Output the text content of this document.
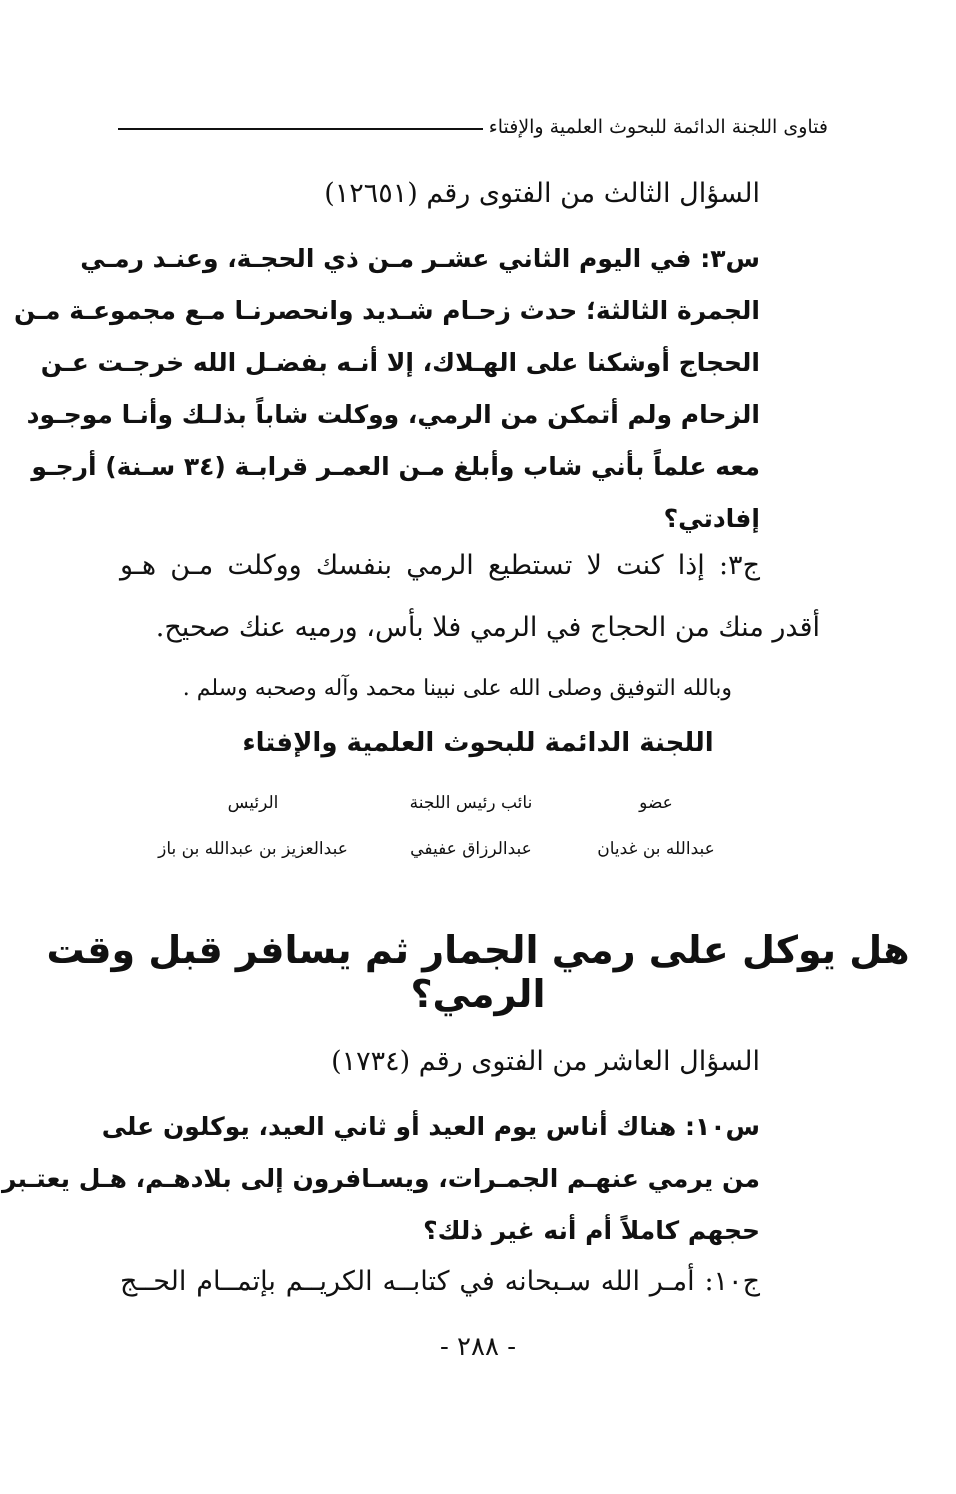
فتاوى اللجنة الدائمة للبحوث العلمية والإفتاء
السؤال الثالث من الفتوى رقم (١٢٦٥١)
س٣: في اليوم الثاني عشـر مـن ذي الحجـة، وعنـد رمـي
الجمرة الثالثة؛ حدث زحـام شـديد وانحصرنـا مـع مجموعـة مـن
الحجاج أوشكنا على الهـلاك، إلا أنـه بفضـل الله خرجـت عـن
الزحام ولم أتمكن من الرمي، ووكلت شاباً بذلـك وأنـا موجـود
معه علماً بأني شاب وأبلغ مـن العمـر قرابـة (٣٤ سـنة) أرجـو
إفادتي؟
ج٣: إذا كنت لا تستطيع الرمي بنفسك ووكلت مـن هـو
أقدر منك من الحجاج في الرمي فلا بأس، ورميه عنك صحيح.
وبالله التوفيق وصلى الله على نبينا محمد وآله وصحبه وسلم .
اللجنة الدائمة للبحوث العلمية والإفتاء
عضو
عبدالله بن غديان
نائب رئيس اللجنة
عبدالرزاق عفيفي
الرئيس
عبدالعزيز بن عبدالله بن باز
هل يوكل على رمي الجمار ثم يسافر قبل وقت الرمي؟
السؤال العاشر من الفتوى رقم (١٧٣٤)
س١٠: هناك أناس يوم العيد أو ثاني العيد، يوكلون على
من يرمي عنهـم الجمـرات، ويسـافرون إلى بلادهـم، هـل يعتـبر
حجهم كاملاً أم أنه غير ذلك؟
ج١٠: أمـر الله سـبحانه في كتابــه الكريــم بإتمــام الحــج
- ٢٨٨ -
